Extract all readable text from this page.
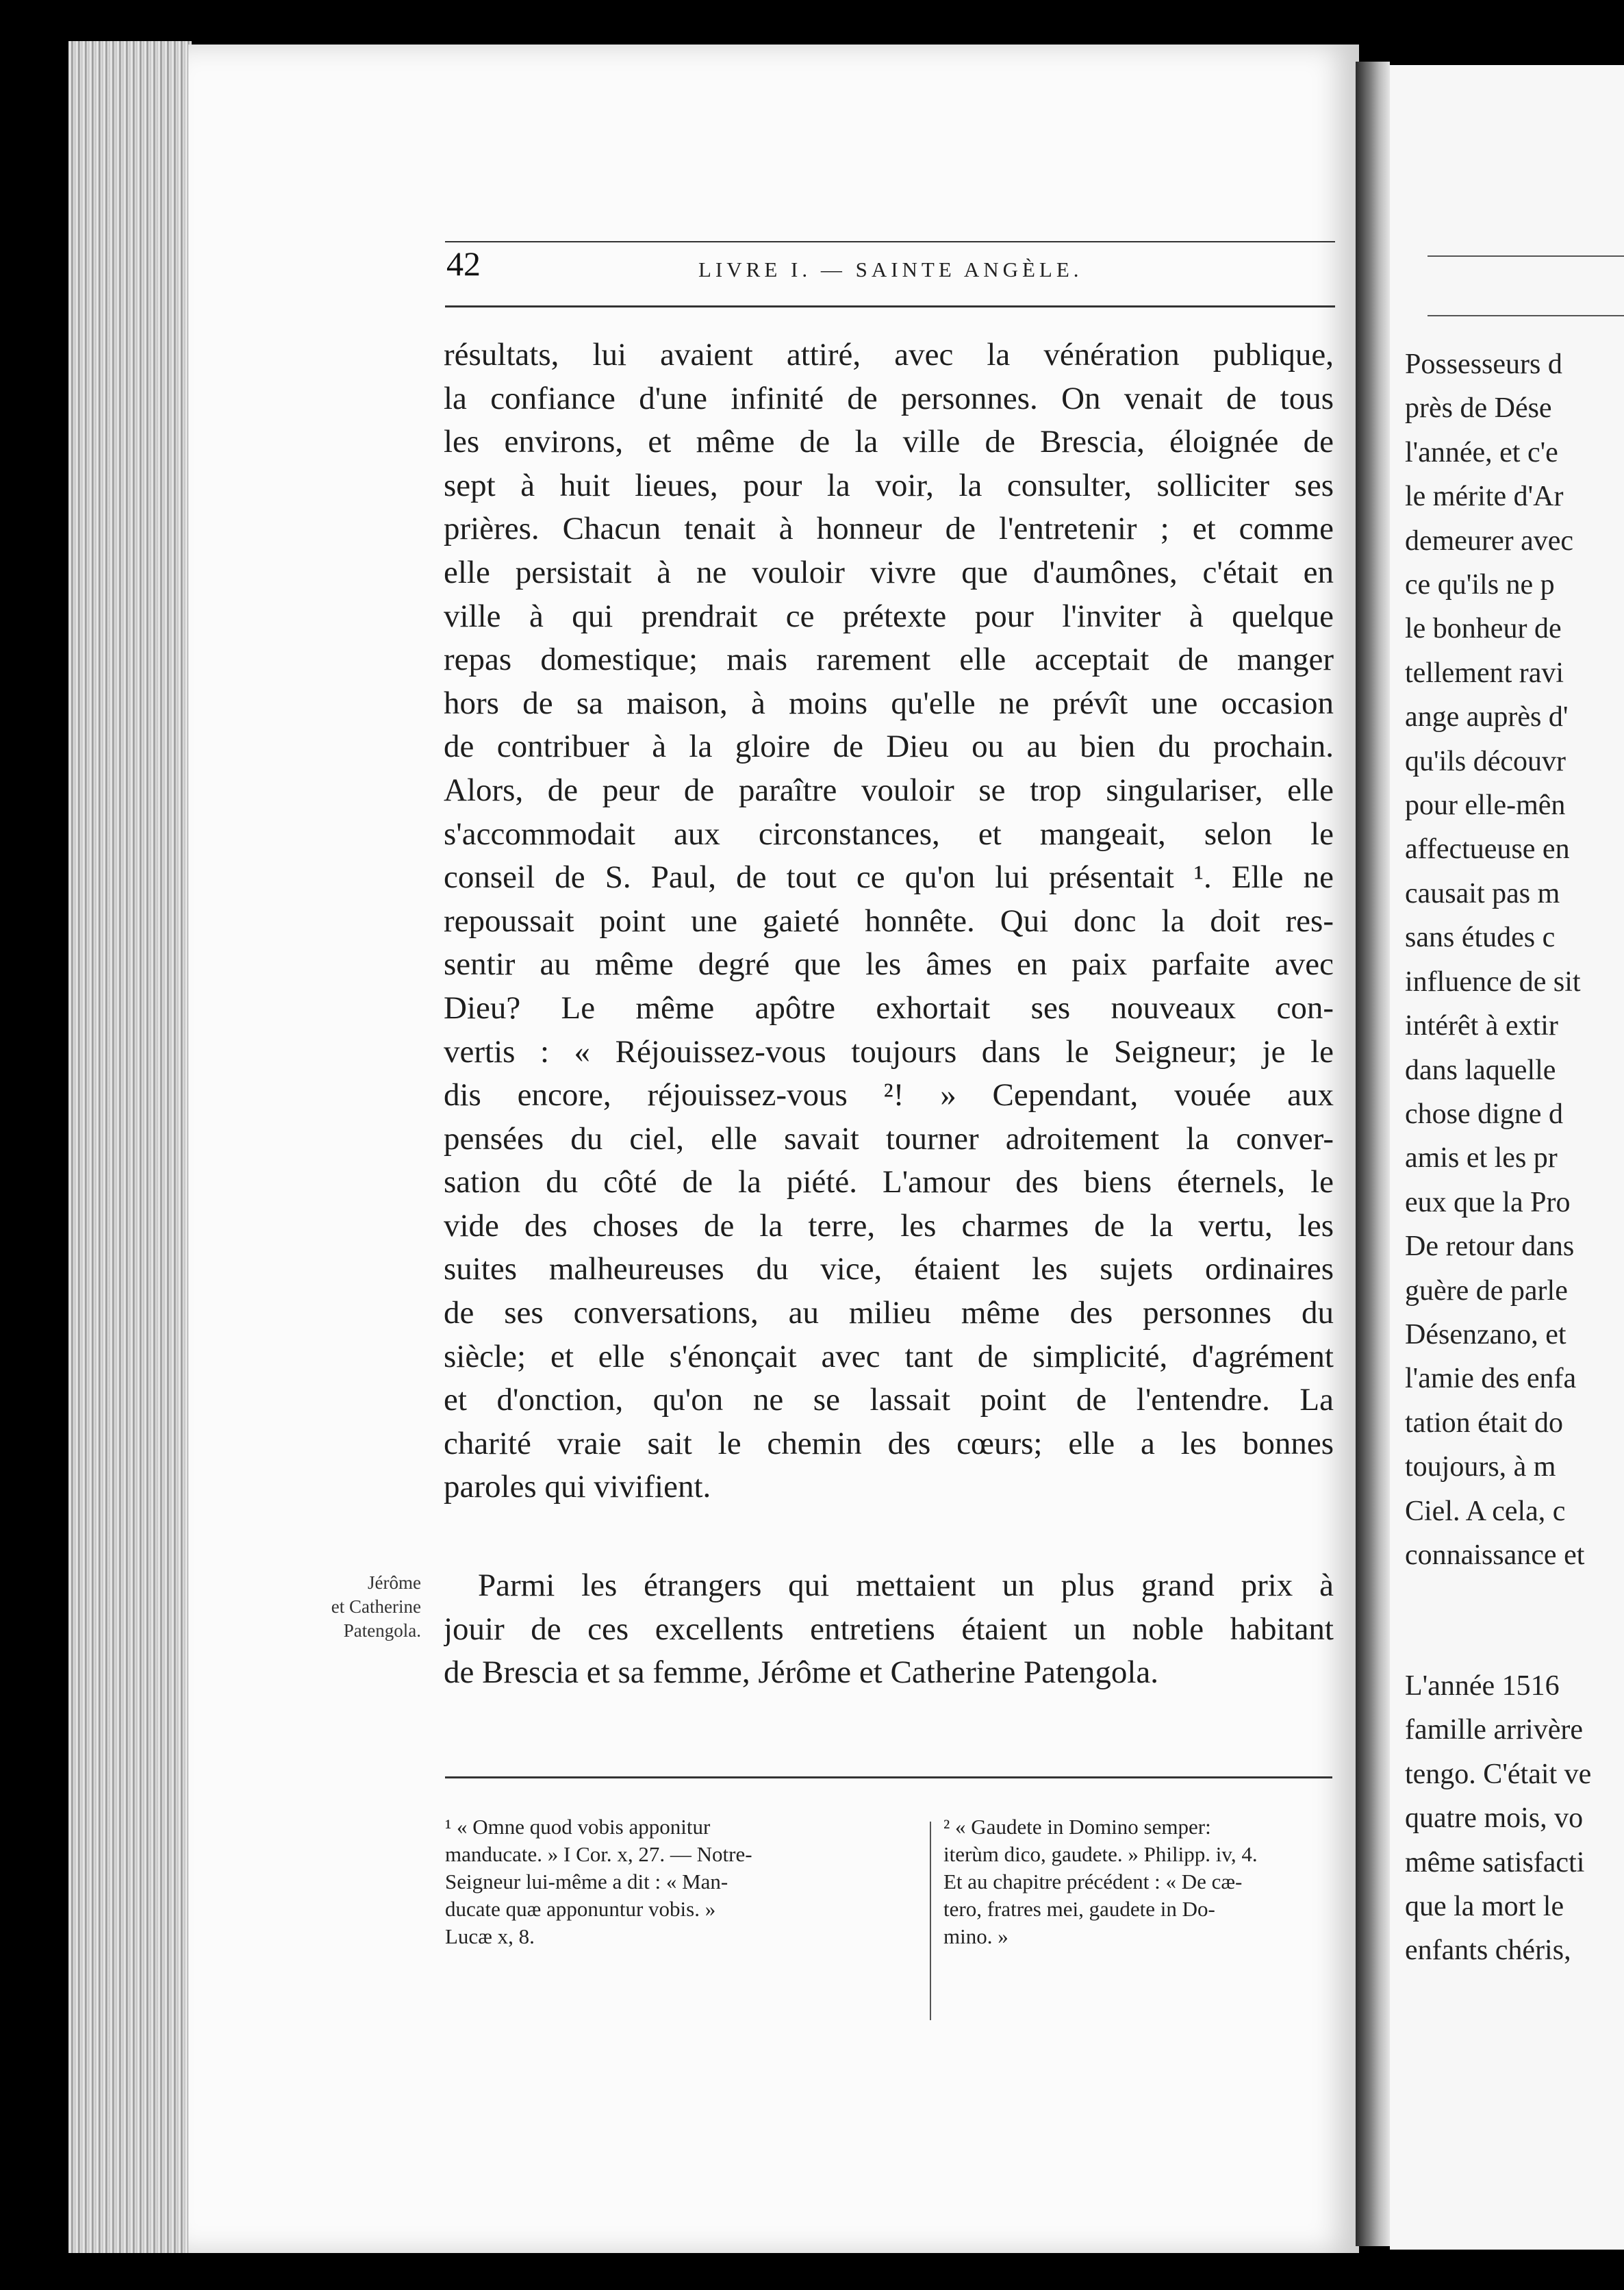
42	LIVRE I. — SAINTE ANGÈLE.
résultats, lui avaient attiré, avec la vénération publique,
la confiance d'une infinité de personnes. On venait de tous
les environs, et même de la ville de Brescia, éloignée de
sept à huit lieues, pour la voir, la consulter, solliciter ses
prières. Chacun tenait à honneur de l'entretenir ; et comme
elle persistait à ne vouloir vivre que d'aumônes, c'était en
ville à qui prendrait ce prétexte pour l'inviter à quelque
repas domestique; mais rarement elle acceptait de manger
hors de sa maison, à moins qu'elle ne prévît une occasion
de contribuer à la gloire de Dieu ou au bien du prochain.
Alors, de peur de paraître vouloir se trop singulariser, elle
s'accommodait aux circonstances, et mangeait, selon le
conseil de S. Paul, de tout ce qu'on lui présentait ¹. Elle ne
repoussait point une gaieté honnête. Qui donc la doit res-
sentir au même degré que les âmes en paix parfaite avec
Dieu? Le même apôtre exhortait ses nouveaux con-
vertis : « Réjouissez-vous toujours dans le Seigneur; je le
dis encore, réjouissez-vous ²! » Cependant, vouée aux
pensées du ciel, elle savait tourner adroitement la conver-
sation du côté de la piété. L'amour des biens éternels, le
vide des choses de la terre, les charmes de la vertu, les
suites malheureuses du vice, étaient les sujets ordinaires
de ses conversations, au milieu même des personnes du
siècle; et elle s'énonçait avec tant de simplicité, d'agrément
et d'onction, qu'on ne se lassait point de l'entendre. La
charité vraie sait le chemin des cœurs; elle a les bonnes
paroles qui vivifient.
Jérôme
et Catherine
Patengola.
Parmi les étrangers qui mettaient un plus grand prix à
jouir de ces excellents entretiens étaient un noble habitant
de Brescia et sa femme, Jérôme et Catherine Patengola.
¹ « Omne quod vobis apponitur
manducate. » I Cor. x, 27. — Notre-
Seigneur lui-même a dit : « Man-
ducate quæ apponuntur vobis. »
Lucæ x, 8.
² « Gaudete in Domino semper:
iterùm dico, gaudete. » Philipp. iv, 4.
Et au chapitre précédent : « De cæ-
tero, fratres mei, gaudete in Do-
mino. »
Possesseurs d
près de Dése
l'année, et c'e
le mérite d'Ar
demeurer avec
ce qu'ils ne p
le bonheur de
tellement ravi
ange auprès d'
qu'ils découvr
pour elle-mên
affectueuse en
causait pas m
sans études c
influence de sit
intérêt à extir
dans laquelle
chose digne d
amis et les pr
eux que la Pro
De retour dans
guère de parle
Désenzano, et
l'amie des enfa
tation était do
toujours, à m
Ciel. A cela, c
connaissance et
L'année 1516
famille arrivère
tengo. C'était ve
quatre mois, vo
même satisfacti
que la mort le
enfants chéris,
